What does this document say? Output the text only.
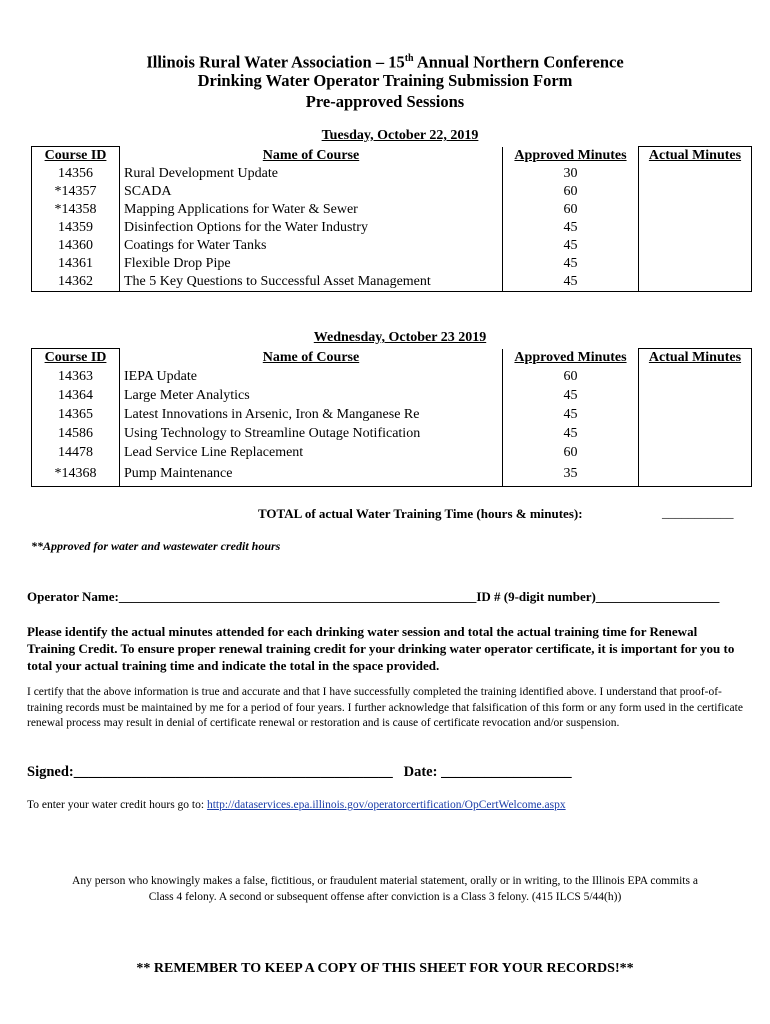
Illinois Rural Water Association – 15th Annual Northern Conference
Drinking Water Operator Training Submission Form
Pre-approved Sessions
Tuesday, October 22, 2019
Course ID	Name of Course	Approved Minutes	Actual Minutes
14356	Rural Development Update	30	
*14357	SCADA	60	
*14358	Mapping Applications for Water & Sewer	60	
14359	Disinfection Options for the Water Industry	45	
14360	Coatings for Water Tanks	45	
14361	Flexible Drop Pipe	45	
14362	The 5 Key Questions to Successful Asset Management	45	
Wednesday, October 23 2019
Course ID	Name of Course	Approved Minutes	Actual Minutes
14363	IEPA Update	60	
14364	Large Meter Analytics	45	
14365	Latest Innovations in Arsenic, Iron & Manganese Re	45	
14586	Using Technology to Streamline Outage Notification	45	
14478	Lead Service Line Replacement	60	
*14368	Pump Maintenance	35	
TOTAL of actual Water Training Time (hours & minutes):	___________
**Approved for water and wastewater credit hours
Operator Name:_______________________________________________________ID # (9-digit number)___________________
Please identify the actual minutes attended for each drinking water session and total the actual training time for Renewal Training Credit. To ensure proper renewal training credit for your drinking water operator certificate, it is important for you to total your actual training time and indicate the total in the space provided.
I certify that the above information is true and accurate and that I have successfully completed the training identified above. I understand that proof-of-training records must be maintained by me for a period of four years. I further acknowledge that falsification of this form or any form used in the certificate renewal process may result in denial of certificate renewal or restoration and is cause of certificate revocation and/or suspension.
Signed:____________________________________________ Date: __________________
To enter your water credit hours go to: http://dataservices.epa.illinois.gov/operatorcertification/OpCertWelcome.aspx
Any person who knowingly makes a false, fictitious, or fraudulent material statement, orally or in writing, to the Illinois EPA commits a
Class 4 felony. A second or subsequent offense after conviction is a Class 3 felony. (415 ILCS 5/44(h))
** REMEMBER TO KEEP A COPY OF THIS SHEET FOR YOUR RECORDS!**
